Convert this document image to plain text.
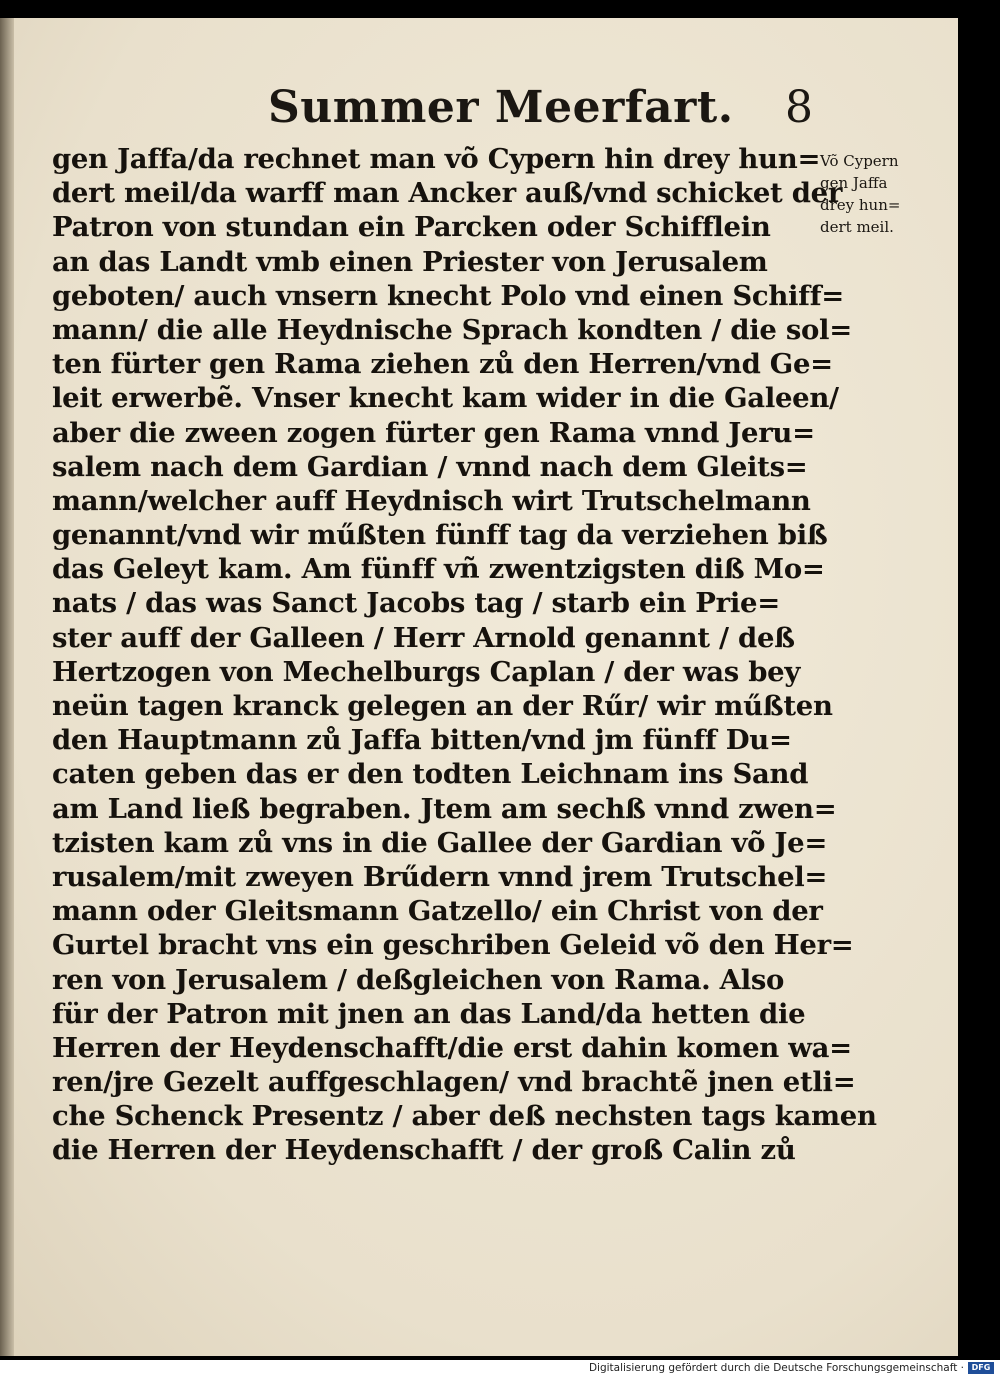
Summer Meerfart. 8
gen Jaffa/da rechnet man võ Cypern hin drey hun=
dert meil/da warff man Ancker auß/vnd schicket der
Patron von stundan ein Parcken oder Schifflein
an das Landt vmb einen Priester von Jerusalem
geboten/ auch vnsern knecht Polo vnd einen Schiff=
mann/ die alle Heydnische Sprach kondten / die sol=
ten fürter gen Rama ziehen zů den Herren/vnd Ge=
leit erwerbẽ. Vnser knecht kam wider in die Galeen/
aber die zween zogen fürter gen Rama vnnd Jeru=
salem nach dem Gardian / vnnd nach dem Gleits=
mann/welcher auff Heydnisch wirt Trutschelmann
genannt/vnd wir műßten fünff tag da verziehen biß
das Geleyt kam. Am fünff vñ zwentzigsten diß Mo=
nats / das was Sanct Jacobs tag / starb ein Prie=
ster auff der Galleen / Herr Arnold genannt / deß
Hertzogen von Mechelburgs Caplan / der was bey
neün tagen kranck gelegen an der Rűr/ wir műßten
den Hauptmann zů Jaffa bitten/vnd jm fünff Du=
caten geben das er den todten Leichnam ins Sand
am Land ließ begraben. Jtem am sechß vnnd zwen=
tzisten kam zů vns in die Gallee der Gardian võ Je=
rusalem/mit zweyen Brűdern vnnd jrem Trutschel=
mann oder Gleitsmann Gatzello/ ein Christ von der
Gurtel bracht vns ein geschriben Geleid võ den Her=
ren von Jerusalem / deßgleichen von Rama. Also
für der Patron mit jnen an das Land/da hetten die
Herren der Heydenschafft/die erst dahin komen wa=
ren/jre Gezelt auffgeschlagen/ vnd brachtẽ jnen etli=
che Schenck Presentz / aber deß nechsten tags kamen
die Herren der Heydenschafft / der groß Calin zů
Võ Cypern
gen Jaffa
drey hun=
dert meil.
Digitalisierung gefördert durch die Deutsche Forschungsgemeinschaft · DFG
